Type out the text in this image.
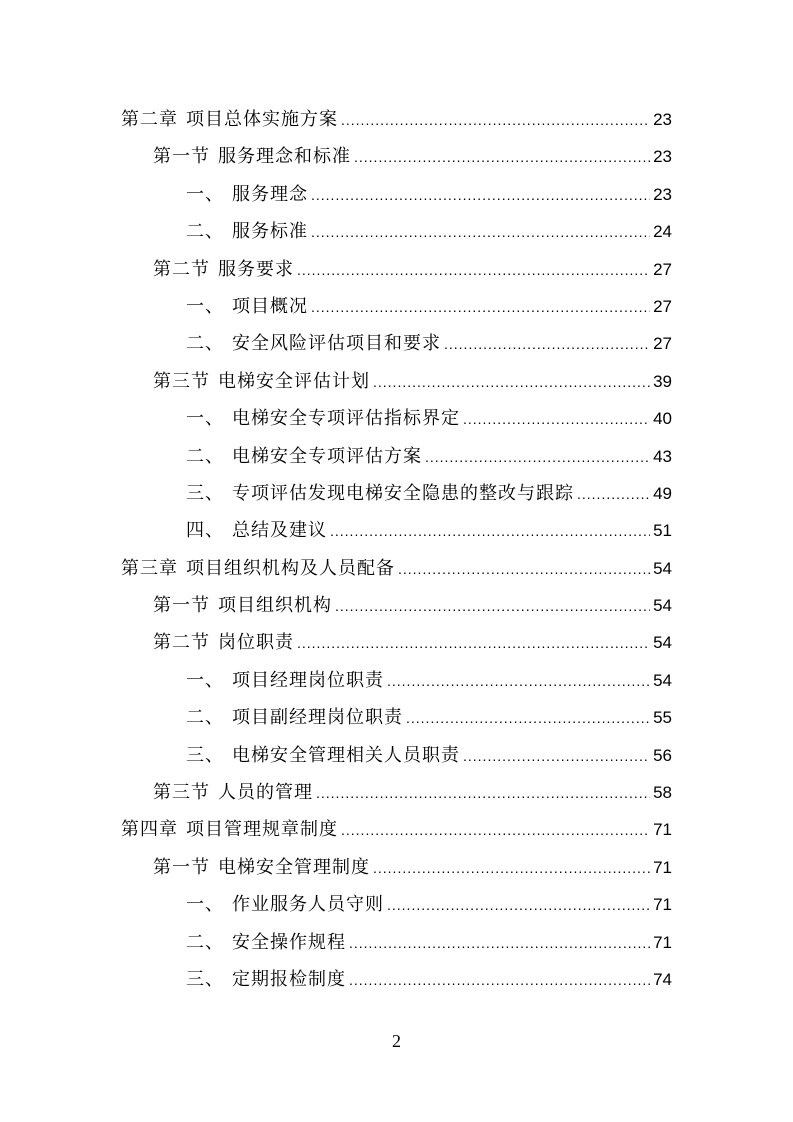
第二章 项目总体实施方案 .....	23
第一节 服务理念和标准 .....	23
一、 服务理念 .....	23
二、 服务标准 .....	24
第二节 服务要求 .....	27
一、 项目概况 .....	27
二、 安全风险评估项目和要求 .....	27
第三节 电梯安全评估计划 .....	39
一、 电梯安全专项评估指标界定 .....	40
二、 电梯安全专项评估方案 .....	43
三、 专项评估发现电梯安全隐患的整改与跟踪 .....	49
四、 总结及建议 .....	51
第三章 项目组织机构及人员配备 .....	54
第一节 项目组织机构 .....	54
第二节 岗位职责 .....	54
一、 项目经理岗位职责 .....	54
二、 项目副经理岗位职责 .....	55
三、 电梯安全管理相关人员职责 .....	56
第三节 人员的管理 .....	58
第四章 项目管理规章制度 .....	71
第一节 电梯安全管理制度 .....	71
一、 作业服务人员守则 .....	71
二、 安全操作规程 .....	71
三、 定期报检制度 .....	74
2
